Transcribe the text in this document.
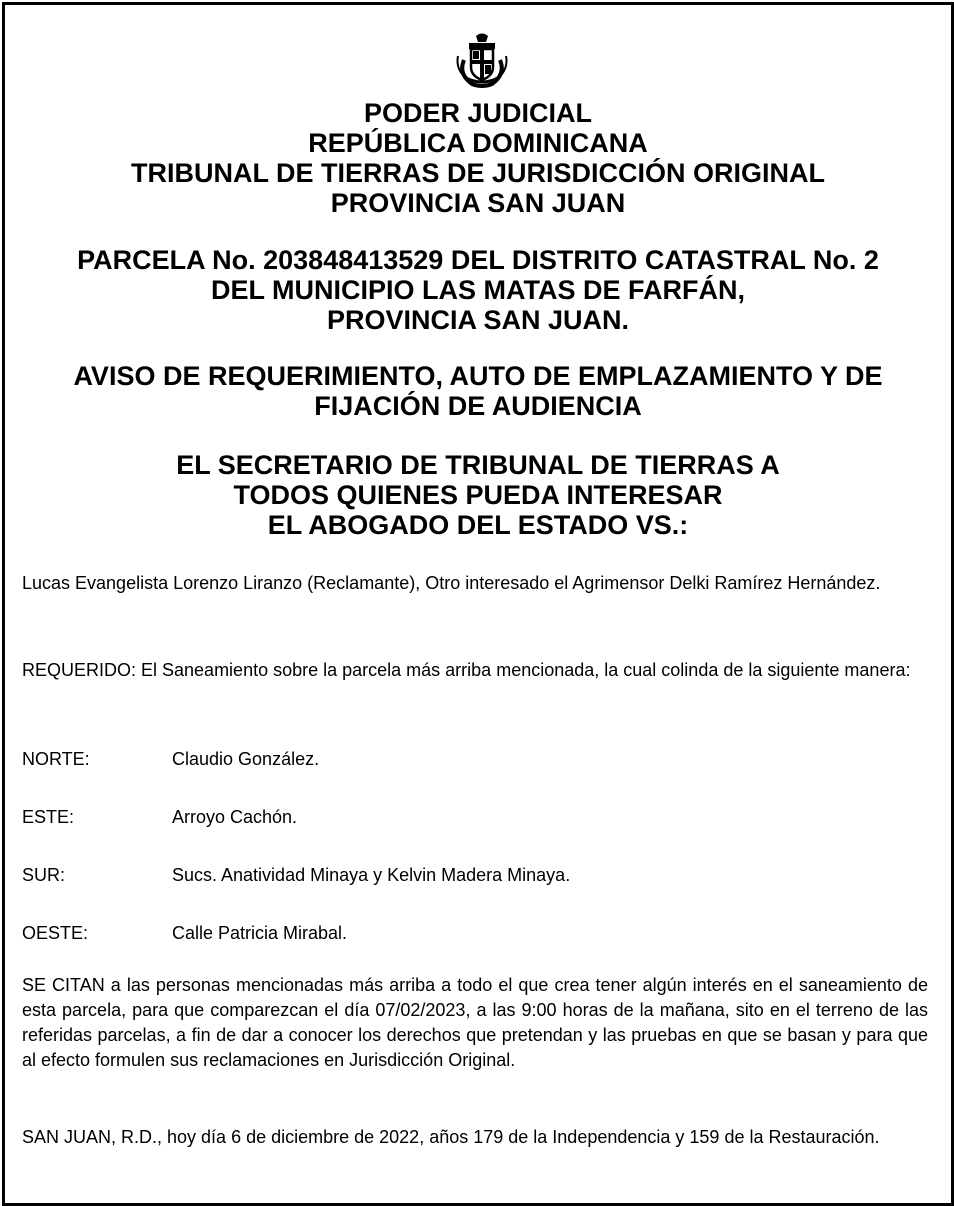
PODER JUDICIAL
REPÚBLICA DOMINICANA
TRIBUNAL DE TIERRAS DE JURISDICCIÓN ORIGINAL
PROVINCIA SAN JUAN
PARCELA No. 203848413529 DEL DISTRITO CATASTRAL No. 2
DEL MUNICIPIO LAS MATAS DE FARFÁN,
PROVINCIA SAN JUAN.
AVISO DE REQUERIMIENTO, AUTO DE EMPLAZAMIENTO Y DE
FIJACIÓN DE AUDIENCIA
EL SECRETARIO DE TRIBUNAL DE TIERRAS A
TODOS QUIENES PUEDA INTERESAR
EL ABOGADO DEL ESTADO VS.:
Lucas Evangelista Lorenzo Liranzo (Reclamante), Otro interesado el Agrimensor Delki Ramírez Hernández.
REQUERIDO: El Saneamiento sobre la parcela más arriba mencionada, la cual colinda de la siguiente manera:
NORTE:	Claudio González.
ESTE:	Arroyo Cachón.
SUR:	Sucs. Anatividad Minaya y Kelvin Madera Minaya.
OESTE:	Calle Patricia Mirabal.
SE CITAN a las personas mencionadas más arriba a todo el que crea tener algún interés en el saneamiento de esta parcela, para que comparezcan el día 07/02/2023, a las 9:00 horas de la mañana, sito en el terreno de las referidas parcelas, a fin de dar a conocer los derechos que pretendan y las pruebas en que se basan y para que al efecto formulen sus reclamaciones en Jurisdicción Original.
SAN JUAN, R.D., hoy día 6 de diciembre de 2022, años 179 de la Independencia y 159 de la Restauración.
